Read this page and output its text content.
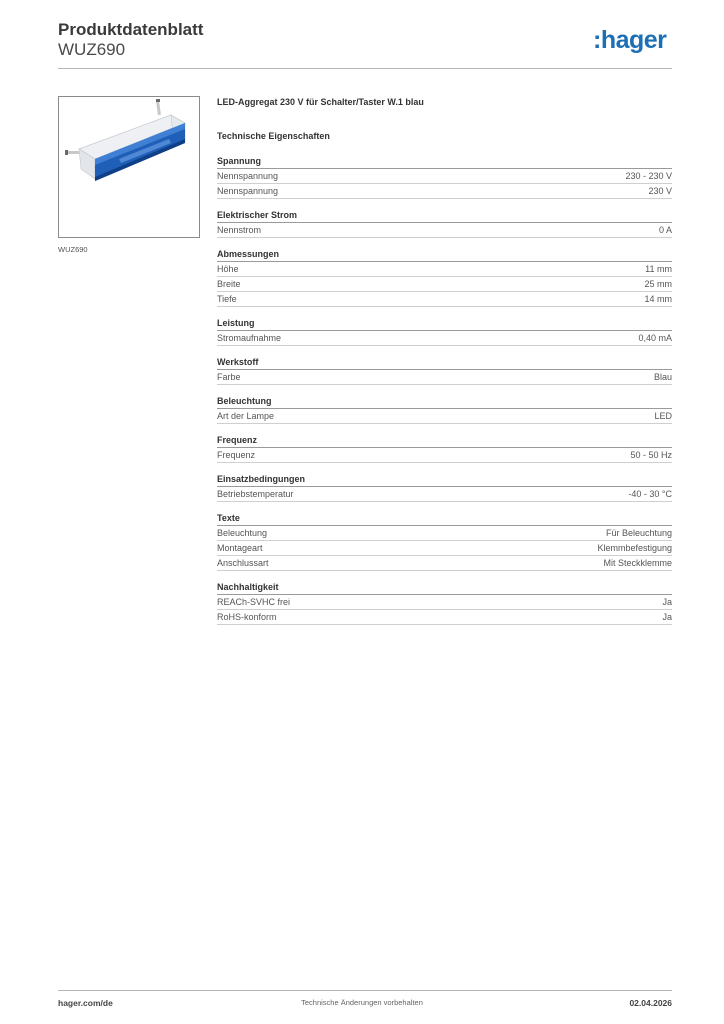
Produktdatenblatt
WUZ690	:hager
WUZ690
LED-Aggregat 230 V für Schalter/Taster W.1 blau
Technische Eigenschaften
Spannung
Nennspannung	230 - 230 V
Nennspannung	230 V
Elektrischer Strom
Nennstrom	0 A
Abmessungen
Höhe	11 mm
Breite	25 mm
Tiefe	14 mm
Leistung
Stromaufnahme	0,40 mA
Werkstoff
Farbe	Blau
Beleuchtung
Art der Lampe	LED
Frequenz
Frequenz	50 - 50 Hz
Einsatzbedingungen
Betriebstemperatur	-40 - 30 °C
Texte
Beleuchtung	Für Beleuchtung
Montageart	Klemmbefestigung
Anschlussart	Mit Steckklemme
Nachhaltigkeit
REACh-SVHC frei	Ja
RoHS-konform	Ja
hager.com/de	Technische Änderungen vorbehalten	02.04.2026
